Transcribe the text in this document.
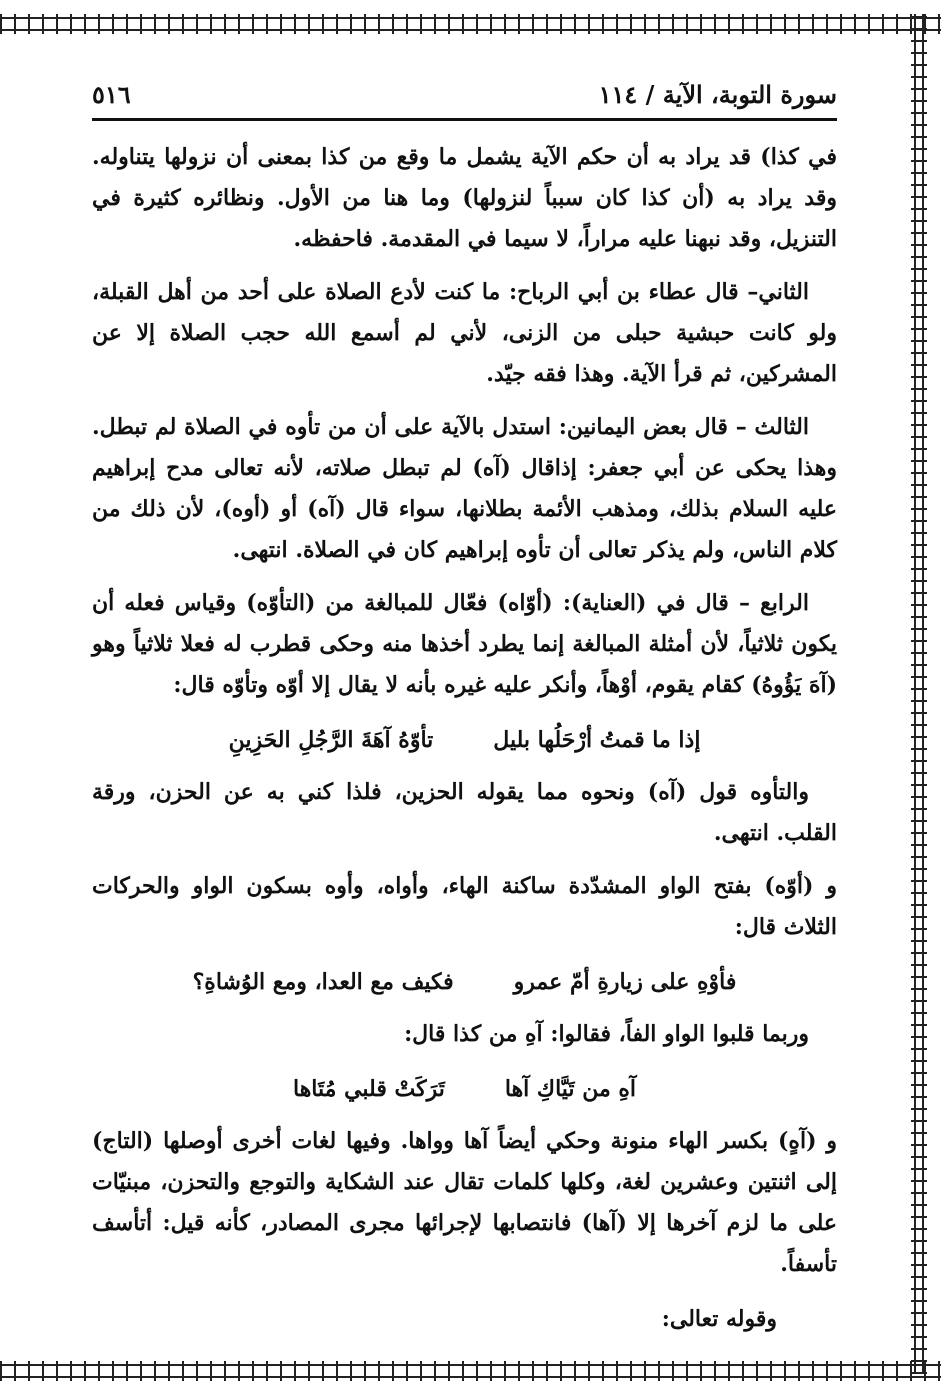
سورة التوبة، الآية / ١١٤
٥١٦

في كذا) قد يراد به أن حكم الآية يشمل ما وقع من كذا بمعنى أن نزولها يتناوله. وقد يراد به (أن كذا كان سبباً لنزولها) وما هنا من الأول. ونظائره كثيرة في التنزيل، وقد نبهنا عليه مراراً، لا سيما في المقدمة. فاحفظه.

الثاني– قال عطاء بن أبي الرباح: ما كنت لأدع الصلاة على أحد من أهل القبلة، ولو كانت حبشية حبلى من الزنى، لأني لم أسمع الله حجب الصلاة إلا عن المشركين، ثم قرأ الآية. وهذا فقه جيّد.

الثالث – قال بعض اليمانين: استدل بالآية على أن من تأوه في الصلاة لم تبطل. وهذا يحكى عن أبي جعفر: إذاقال (آه) لم تبطل صلاته، لأنه تعالى مدح إبراهيم عليه السلام بذلك، ومذهب الأئمة بطلانها، سواء قال (آه) أو (أوه)، لأن ذلك من كلام الناس، ولم يذكر تعالى أن تأوه إبراهيم كان في الصلاة. انتهى.

الرابع – قال في (العناية): (أوّاه) فعّال للمبالغة من (التأوّه) وقياس فعله أن يكون ثلاثياً، لأن أمثلة المبالغة إنما يطرد أخذها منه وحكى قطرب له فعلا ثلاثياً وهو (آهَ يَؤُوهُ) كقام يقوم، أوْهاً، وأنكر عليه غيره بأنه لا يقال إلا أوّه وتأوّه قال:

إذا ما قمتُ أرْحَلُها بليل
تأوّهُ آهَةَ الرَّجُلِ الحَزِينِ

والتأوه قول (آه) ونحوه مما يقوله الحزين، فلذا كني به عن الحزن، ورقة القلب. انتهى.

و (أوّه) بفتح الواو المشدّدة ساكنة الهاء، وأواه، وأوه بسكون الواو والحركات الثلاث قال:

فأوْهِ على زيارةِ أمّ عمرو
فكيف مع العدا، ومع الوُشاةِ؟

وربما قلبوا الواو الفاً، فقالوا: آهِ من كذا قال:

آهِ من تَيَّاكِ آها
تَرَكَتْ قلبي مُتَاها

و (آهٍ) بكسر الهاء منونة وحكي أيضاً آها وواها. وفيها لغات أخرى أوصلها (التاج) إلى اثنتين وعشرين لغة، وكلها كلمات تقال عند الشكاية والتوجع والتحزن، مبنيّات على ما لزم آخرها إلا (آها) فانتصابها لإجرائها مجرى المصادر، كأنه قيل: أتأسف تأسفاً.

وقوله تعالى:
